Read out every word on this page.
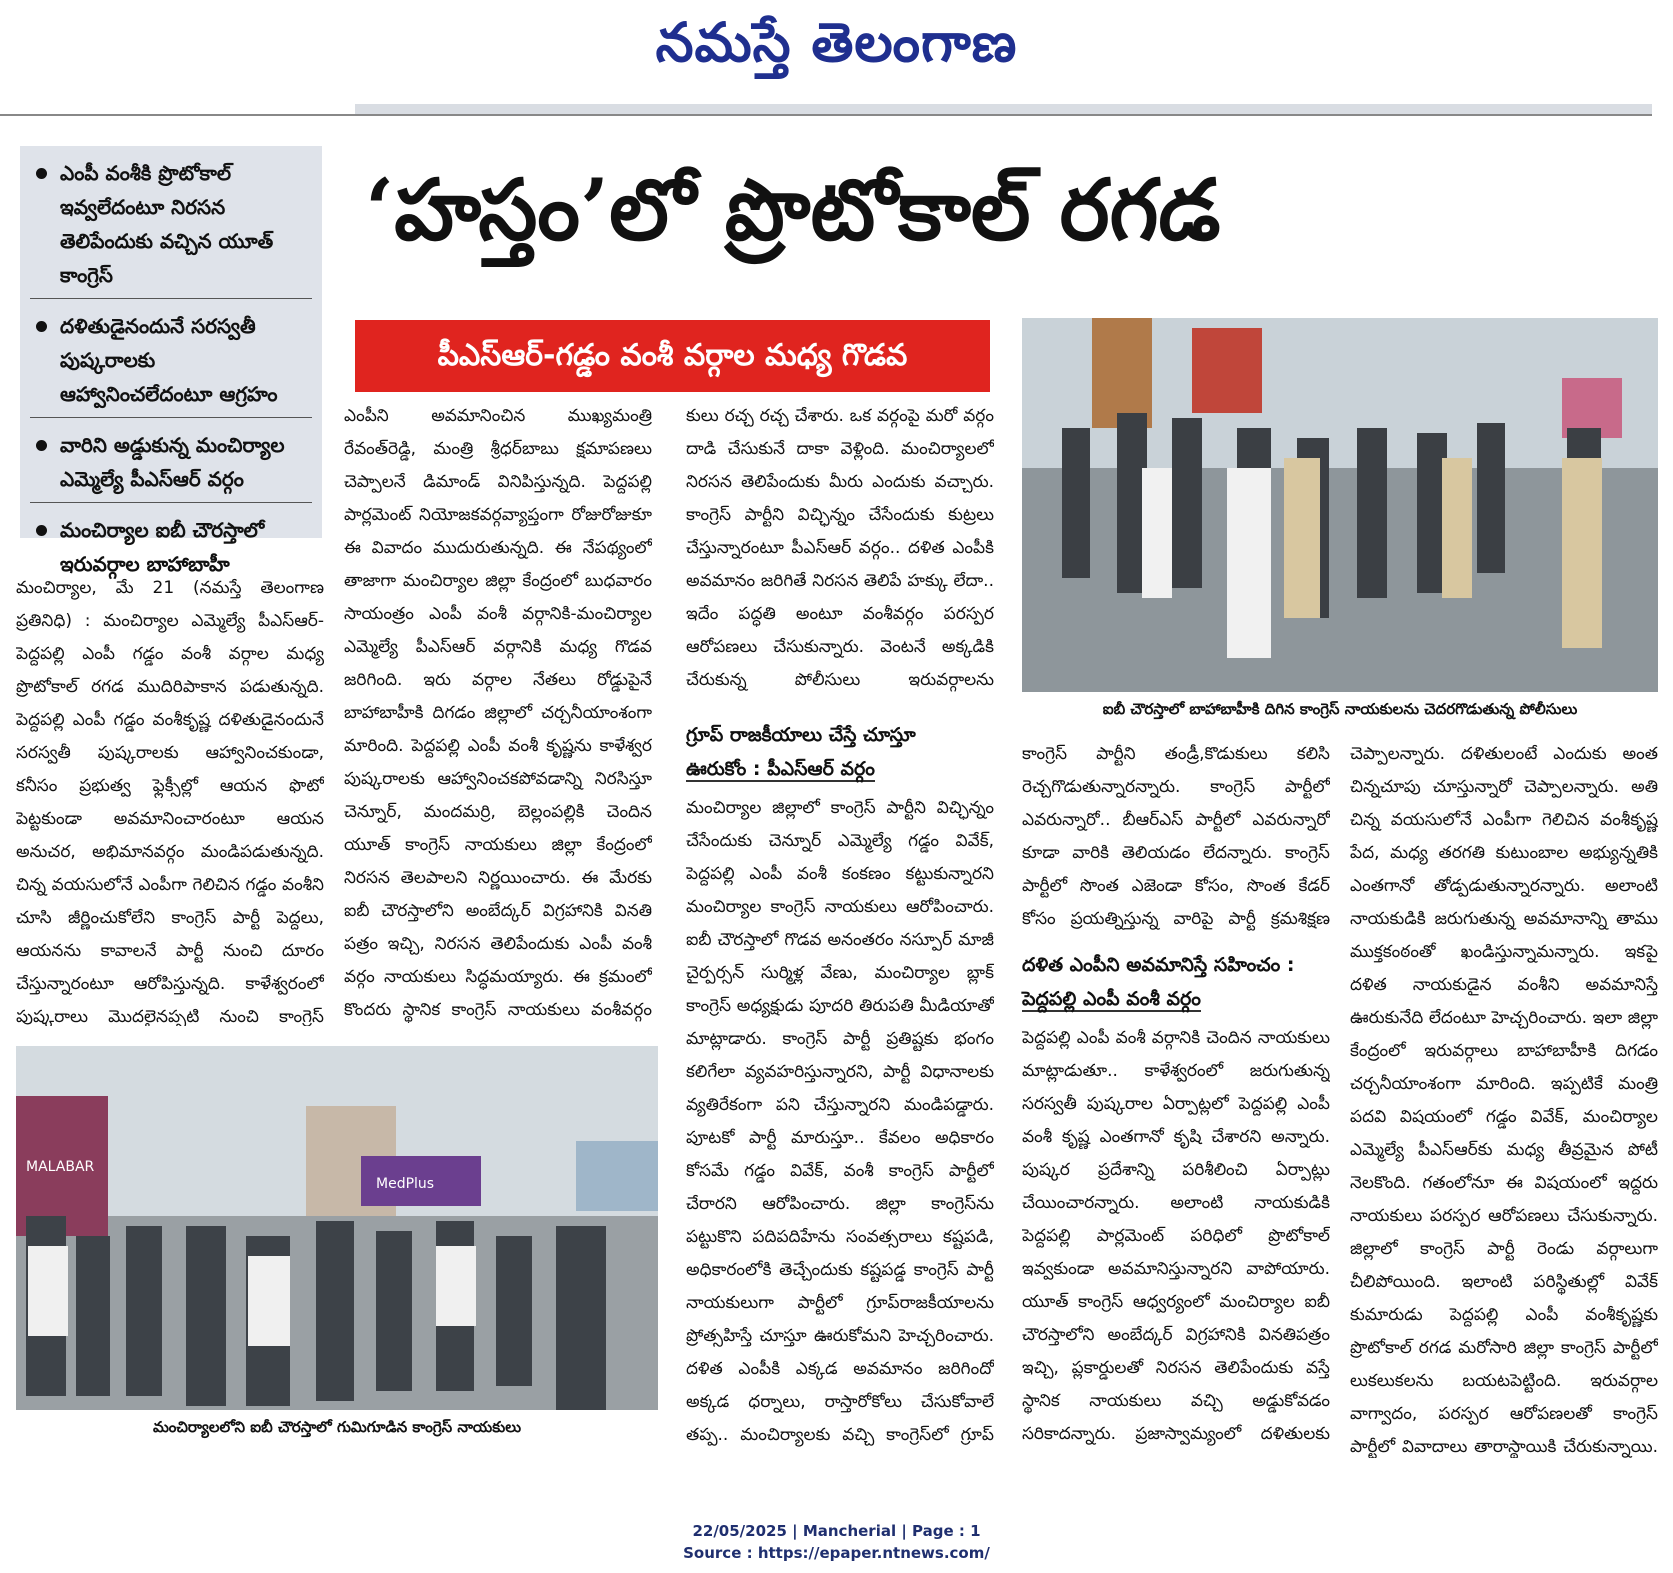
నమస్తే తెలంగాణ
ఎంపీ వంశీకి ప్రొటోకాల్ ఇవ్వలేదంటూ నిరసన తెలిపేందుకు వచ్చిన యూత్ కాంగ్రెస్
దళితుడైనందునే సరస్వతీ పుష్కరాలకు ఆహ్వానించలేదంటూ ఆగ్రహం
వారిని అడ్డుకున్న మంచిర్యాల ఎమ్మెల్యే పీఎస్ఆర్ వర్గం
మంచిర్యాల ఐబీ చౌరస్తాలో ఇరువర్గాల బాహాబాహీ
‘హస్తం’లో ప్రొటోకాల్ రగడ
పీఎస్ఆర్-గడ్డం వంశీ వర్గాల మధ్య గొడవ
ఐబీ చౌరస్తాలో బాహాబాహీకి దిగిన కాంగ్రెస్ నాయకులను చెదరగొడుతున్న పోలీసులు

మంచిర్యాల, మే 21 (నమస్తే తెలంగాణ ప్రతినిధి) : మంచిర్యాల ఎమ్మెల్యే పీఎస్ఆర్-పెద్దపల్లి ఎంపీ గడ్డం వంశీ వర్గాల మధ్య ప్రొటోకాల్ రగడ ముదిరిపాకాన పడుతున్నది. పెద్దపల్లి ఎంపీ గడ్డం వంశీకృష్ణ దళితుడైనందునే సరస్వతీ పుష్కరాలకు ఆహ్వానించకుండా, కనీసం ప్రభుత్వ ఫ్లెక్సీల్లో ఆయన ఫొటో పెట్టకుండా అవమానించారంటూ ఆయన అనుచర, అభిమానవర్గం మండిపడుతున్నది. చిన్న వయసులోనే ఎంపీగా గెలిచిన గడ్డం వంశీని చూసి జీర్ణించుకోలేని కాంగ్రెస్ పార్టీ పెద్దలు, ఆయనను కావాలనే పార్టీ నుంచి దూరం చేస్తున్నారంటూ ఆరోపిస్తున్నది. కాళేశ్వరంలో పుష్కరాలు మొదలైనప్పటి నుంచి కాంగ్రెస్

ఎంపీని అవమానించిన ముఖ్యమంత్రి రేవంత్‌రెడ్డి, మంత్రి శ్రీధర్‌బాబు క్షమాపణలు చెప్పాలనే డిమాండ్ వినిపిస్తున్నది. పెద్దపల్లి పార్లమెంట్ నియోజకవర్గవ్యాప్తంగా రోజురోజుకూ ఈ వివాదం ముదురుతున్నది. ఈ నేపథ్యంలో తాజాగా మంచిర్యాల జిల్లా కేంద్రంలో బుధవారం సాయంత్రం ఎంపీ వంశీ వర్గానికి-మంచిర్యాల ఎమ్మెల్యే పీఎస్ఆర్ వర్గానికి మధ్య గొడవ జరిగింది. ఇరు వర్గాల నేతలు రోడ్డుపైనే బాహాబాహీకి దిగడం జిల్లాలో చర్చనీయాంశంగా మారింది. పెద్దపల్లి ఎంపీ వంశీ కృష్ణను కాళేశ్వర పుష్కరాలకు ఆహ్వానించకపోవడాన్ని నిరసిస్తూ చెన్నూర్, మందమర్రి, బెల్లంపల్లికి చెందిన యూత్ కాంగ్రెస్ నాయకులు జిల్లా కేంద్రంలో నిరసన తెలపాలని నిర్ణయించారు. ఈ మేరకు ఐబీ చౌరస్తాలోని అంబేద్కర్ విగ్రహానికి వినతి పత్రం ఇచ్చి, నిరసన తెలిపేందుకు ఎంపీ వంశీ వర్గం నాయకులు సిద్ధమయ్యారు. ఈ క్రమంలో కొందరు స్థానిక కాంగ్రెస్ నాయకులు వంశీవర్గం

కులు రచ్చ రచ్చ చేశారు. ఒక వర్గంపై మరో వర్గం దాడి చేసుకునే దాకా వెళ్లింది. మంచిర్యాలలో నిరసన తెలిపేందుకు మీరు ఎందుకు వచ్చారు. కాంగ్రెస్ పార్టీని విచ్ఛిన్నం చేసేందుకు కుట్రలు చేస్తున్నారంటూ పీఎస్ఆర్ వర్గం.. దళిత ఎంపీకి అవమానం జరిగితే నిరసన తెలిపే హక్కు లేదా.. ఇదేం పద్ధతి అంటూ వంశీవర్గం పరస్పర ఆరోపణలు చేసుకున్నారు. వెంటనే అక్కడికి చేరుకున్న పోలీసులు ఇరువర్గాలను

గ్రూప్ రాజకీయాలు చేస్తే చూస్తూ
ఊరుకోం : పీఎస్ఆర్ వర్గం

మంచిర్యాల జిల్లాలో కాంగ్రెస్ పార్టీని విచ్ఛిన్నం చేసేందుకు చెన్నూర్ ఎమ్మెల్యే గడ్డం వివేక్, పెద్దపల్లి ఎంపీ వంశీ కంకణం కట్టుకున్నారని మంచిర్యాల కాంగ్రెస్ నాయకులు ఆరోపించారు. ఐబీ చౌరస్తాలో గొడవ అనంతరం నస్పూర్ మాజీ చైర్పర్సన్ సుర్మిళ్ల వేణు, మంచిర్యాల బ్లాక్ కాంగ్రెస్ అధ్యక్షుడు పూదరి తిరుపతి మీడియాతో మాట్లాడారు. కాంగ్రెస్ పార్టీ ప్రతిష్టకు భంగం కలిగేలా వ్యవహరిస్తున్నారని, పార్టీ విధానాలకు వ్యతిరేకంగా పని చేస్తున్నారని మండిపడ్డారు. పూటకో పార్టీ మారుస్తూ.. కేవలం అధికారం కోసమే గడ్డం వివేక్, వంశీ కాంగ్రెస్ పార్టీలో చేరారని ఆరోపించారు. జిల్లా కాంగ్రెస్‌ను పట్టుకొని పదిపదిహేను సంవత్సరాలు కష్టపడి, అధికారంలోకి తెచ్చేందుకు కష్టపడ్డ కాంగ్రెస్ పార్టీ నాయకులుగా పార్టీలో గ్రూప్‌రాజకీయాలను ప్రోత్సహిస్తే చూస్తూ ఊరుకోమని హెచ్చరించారు. దళిత ఎంపీకి ఎక్కడ అవమానం జరిగిందో అక్కడ ధర్నాలు, రాస్తారోకోలు చేసుకోవాలే తప్ప.. మంచిర్యాలకు వచ్చి కాంగ్రెస్‌లో గ్రూప్

కాంగ్రెస్ పార్టీని తండ్రీ,కొడుకులు కలిసి రెచ్చగొడుతున్నారన్నారు. కాంగ్రెస్ పార్టీలో ఎవరున్నారో.. బీఆర్ఎస్ పార్టీలో ఎవరున్నారో కూడా వారికి తెలియడం లేదన్నారు. కాంగ్రెస్ పార్టీలో సొంత ఎజెండా కోసం, సొంత కేడర్ కోసం ప్రయత్నిస్తున్న వారిపై పార్టీ క్రమశిక్షణ

దళిత ఎంపీని అవమానిస్తే సహించం :
పెద్దపల్లి ఎంపీ వంశీ వర్గం

పెద్దపల్లి ఎంపీ వంశీ వర్గానికి చెందిన నాయకులు మాట్లాడుతూ.. కాళేశ్వరంలో జరుగుతున్న సరస్వతీ పుష్కరాల ఏర్పాట్లలో పెద్దపల్లి ఎంపీ వంశీ కృష్ణ ఎంతగానో కృషి చేశారని అన్నారు. పుష్కర ప్రదేశాన్ని పరిశీలించి ఏర్పాట్లు చేయించారన్నారు. అలాంటి నాయకుడికి పెద్దపల్లి పార్లమెంట్ పరిధిలో ప్రొటోకాల్ ఇవ్వకుండా అవమానిస్తున్నారని వాపోయారు. యూత్ కాంగ్రెస్ ఆధ్వర్యంలో మంచిర్యాల ఐబీ చౌరస్తాలోని అంబేద్కర్ విగ్రహానికి వినతిపత్రం ఇచ్చి, ప్లకార్డులతో నిరసన తెలిపేందుకు వస్తే స్థానిక నాయకులు వచ్చి అడ్డుకోవడం సరికాదన్నారు. ప్రజాస్వామ్యంలో దళితులకు

చెప్పాలన్నారు. దళితులంటే ఎందుకు అంత చిన్నచూపు చూస్తున్నారో చెప్పాలన్నారు. అతి చిన్న వయసులోనే ఎంపీగా గెలిచిన వంశీకృష్ణ పేద, మధ్య తరగతి కుటుంబాల అభ్యున్నతికి ఎంతగానో తోడ్పడుతున్నారన్నారు. అలాంటి నాయకుడికి జరుగుతున్న అవమానాన్ని తాము ముక్తకంఠంతో ఖండిస్తున్నామన్నారు. ఇకపై దళిత నాయకుడైన వంశీని అవమానిస్తే ఊరుకునేది లేదంటూ హెచ్చరించారు. ఇలా జిల్లా కేంద్రంలో ఇరువర్గాలు బాహాబాహీకి దిగడం చర్చనీయాంశంగా మారింది. ఇప్పటికే మంత్రి పదవి విషయంలో గడ్డం వివేక్, మంచిర్యాల ఎమ్మెల్యే పీఎస్ఆర్‌కు మధ్య తీవ్రమైన పోటీ నెలకొంది. గతంలోనూ ఈ విషయంలో ఇద్దరు నాయకులు పరస్పర ఆరోపణలు చేసుకున్నారు. జిల్లాలో కాంగ్రెస్ పార్టీ రెండు వర్గాలుగా చీలిపోయింది. ఇలాంటి పరిస్థితుల్లో వివేక్ కుమారుడు పెద్దపల్లి ఎంపీ వంశీకృష్ణకు ప్రొటోకాల్ రగడ మరోసారి జిల్లా కాంగ్రెస్ పార్టీలో లుకలుకలను బయటపెట్టింది. ఇరువర్గాల వాగ్వాదం, పరస్పర ఆరోపణలతో కాంగ్రెస్ పార్టీలో వివాదాలు తారాస్థాయికి చేరుకున్నాయి.

MALABAR
MedPlus
మంచిర్యాలలోని ఐబీ చౌరస్తాలో గుమిగూడిన కాంగ్రెస్ నాయకులు
22/05/2025 | Mancherial | Page : 1
Source : https://epaper.ntnews.com/
